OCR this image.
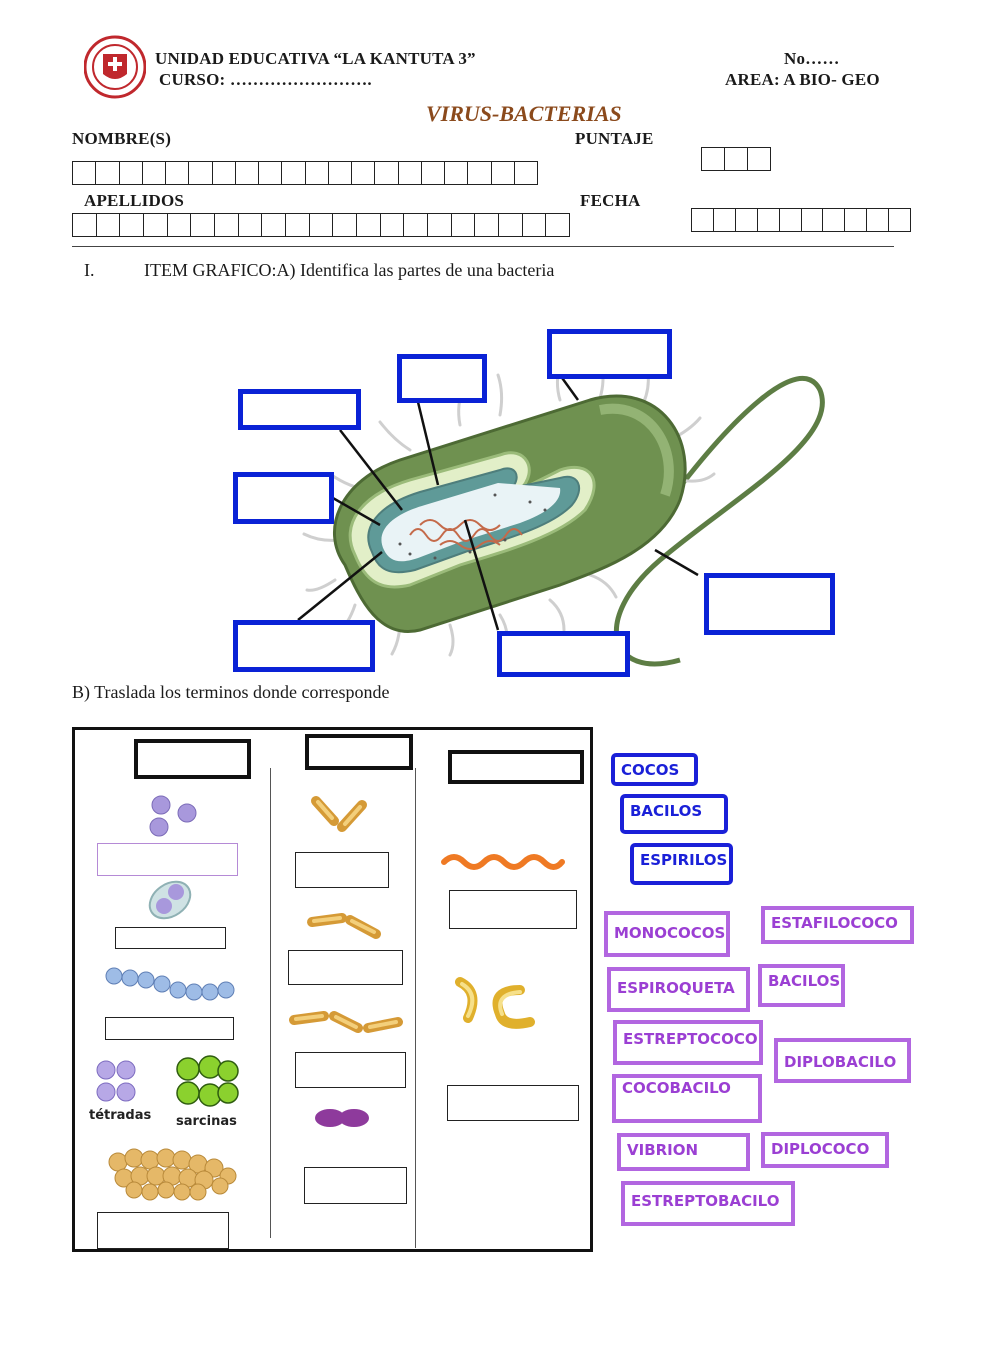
UNIDAD EDUCATIVA “LA KANTUTA 3”
CURSO: …………………….
No……
AREA: A BIO- GEO
VIRUS-BACTERIAS
NOMBRE(S)	PUNTAJE
APELLIDOS	FECHA
I.	ITEM GRAFICO:A) Identifica las partes de una bacteria
B) Traslada los terminos donde corresponde
tétradas sarcinas
COCOS
BACILOS
ESPIRILOS
MONOCOCOS
ESTAFILOCOCO
ESPIROQUETA	BACILOS
ESTREPTOCOCO
DIPLOBACILO
COCOBACILO
VIBRION	DIPLOCOCO
ESTREPTOBACILO
